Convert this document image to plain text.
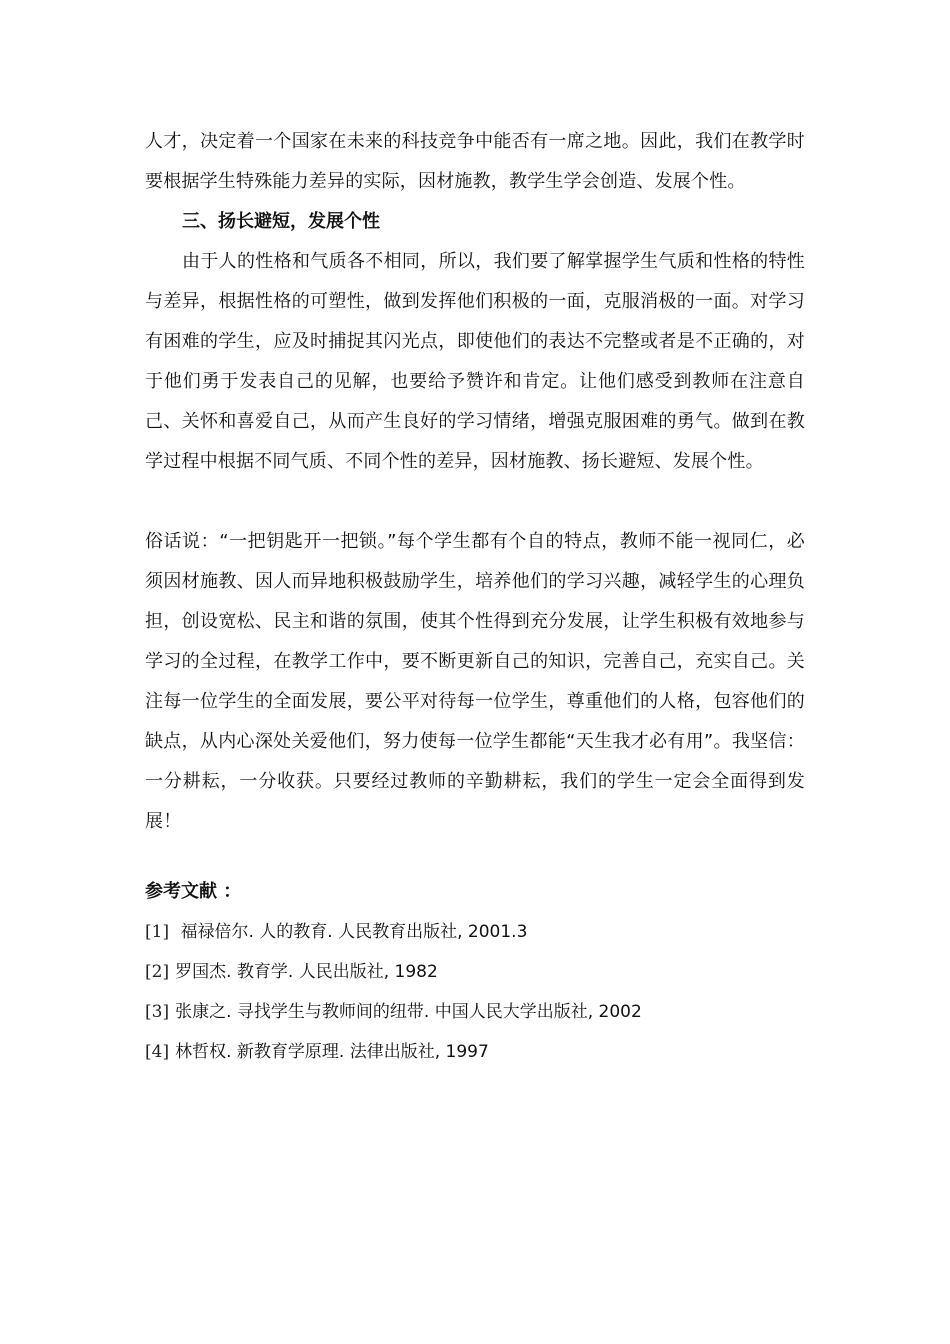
人才，决定着一个国家在未来的科技竞争中能否有一席之地。因此，我们在教学时要根据学生特殊能力差异的实际，因材施教，教学生学会创造、发展个性。

三、扬长避短，发展个性

由于人的性格和气质各不相同，所以，我们要了解掌握学生气质和性格的特性与差异，根据性格的可塑性，做到发挥他们积极的一面，克服消极的一面。对学习有困难的学生，应及时捕捉其闪光点，即使他们的表达不完整或者是不正确的，对于他们勇于发表自己的见解，也要给予赞许和肯定。让他们感受到教师在注意自己、关怀和喜爱自己，从而产生良好的学习情绪，增强克服困难的勇气。做到在教学过程中根据不同气质、不同个性的差异，因材施教、扬长避短、发展个性。

俗话说：“一把钥匙开一把锁。”每个学生都有个自的特点，教师不能一视同仁，必须因材施教、因人而异地积极鼓励学生，培养他们的学习兴趣，减轻学生的心理负担，创设宽松、民主和谐的氛围，使其个性得到充分发展，让学生积极有效地参与学习的全过程，在教学工作中，要不断更新自己的知识，完善自己，充实自己。关注每一位学生的全面发展，要公平对待每一位学生，尊重他们的人格，包容他们的缺点，从内心深处关爱他们，努力使每一位学生都能“天生我才必有用”。我坚信：一分耕耘，一分收获。只要经过教师的辛勤耕耘，我们的学生一定会全面得到发展！

参考文献 ：

[1] 福禄倍尔. 人的教育. 人民教育出版社, 2001.3

[2] 罗国杰. 教育学. 人民出版社, 1982

[3] 张康之. 寻找学生与教师间的纽带. 中国人民大学出版社, 2002

[4] 林哲权. 新教育学原理. 法律出版社, 1997
